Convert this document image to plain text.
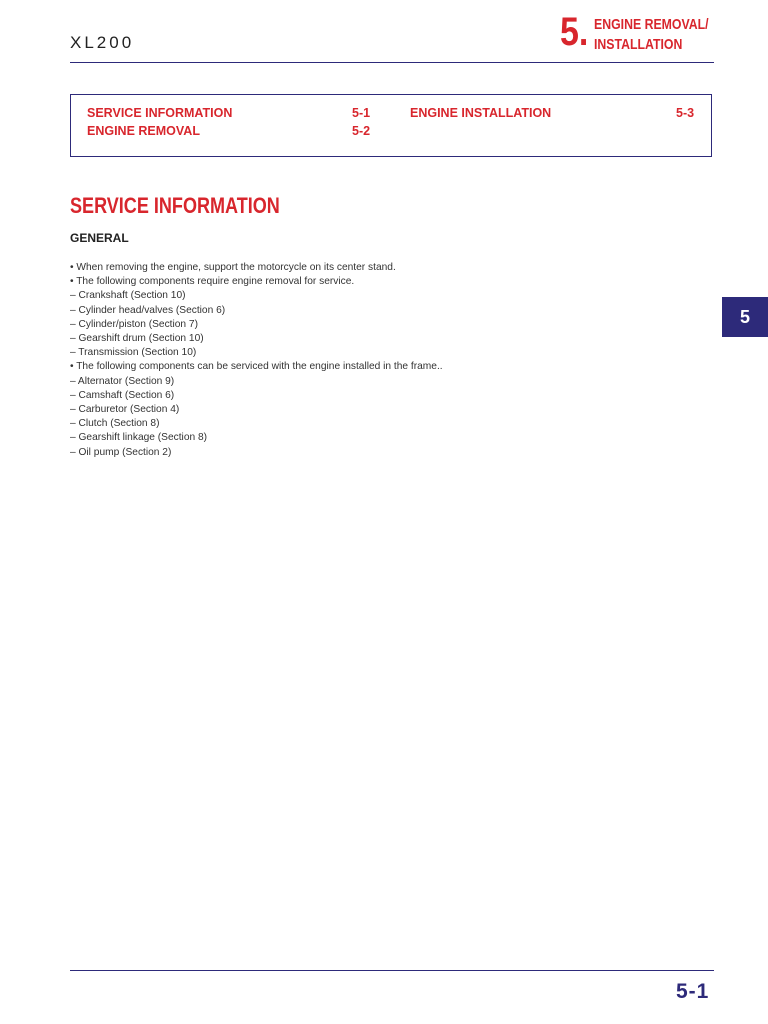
XL200	5. ENGINE REMOVAL/
INSTALLATION
SERVICE INFORMATION	5-1
ENGINE REMOVAL	5-2
ENGINE INSTALLATION	5-3
SERVICE INFORMATION
GENERAL
• When removing the engine, support the motorcycle on its center stand.
• The following components require engine removal for service.
– Crankshaft (Section 10)
– Cylinder head/valves (Section 6)
– Cylinder/piston (Section 7)
– Gearshift drum (Section 10)
– Transmission (Section 10)
• The following components can be serviced with the engine installed in the frame..
– Alternator (Section 9)
– Camshaft (Section 6)
– Carburetor (Section 4)
– Clutch (Section 8)
– Gearshift linkage (Section 8)
– Oil pump (Section 2)
5
5-1
